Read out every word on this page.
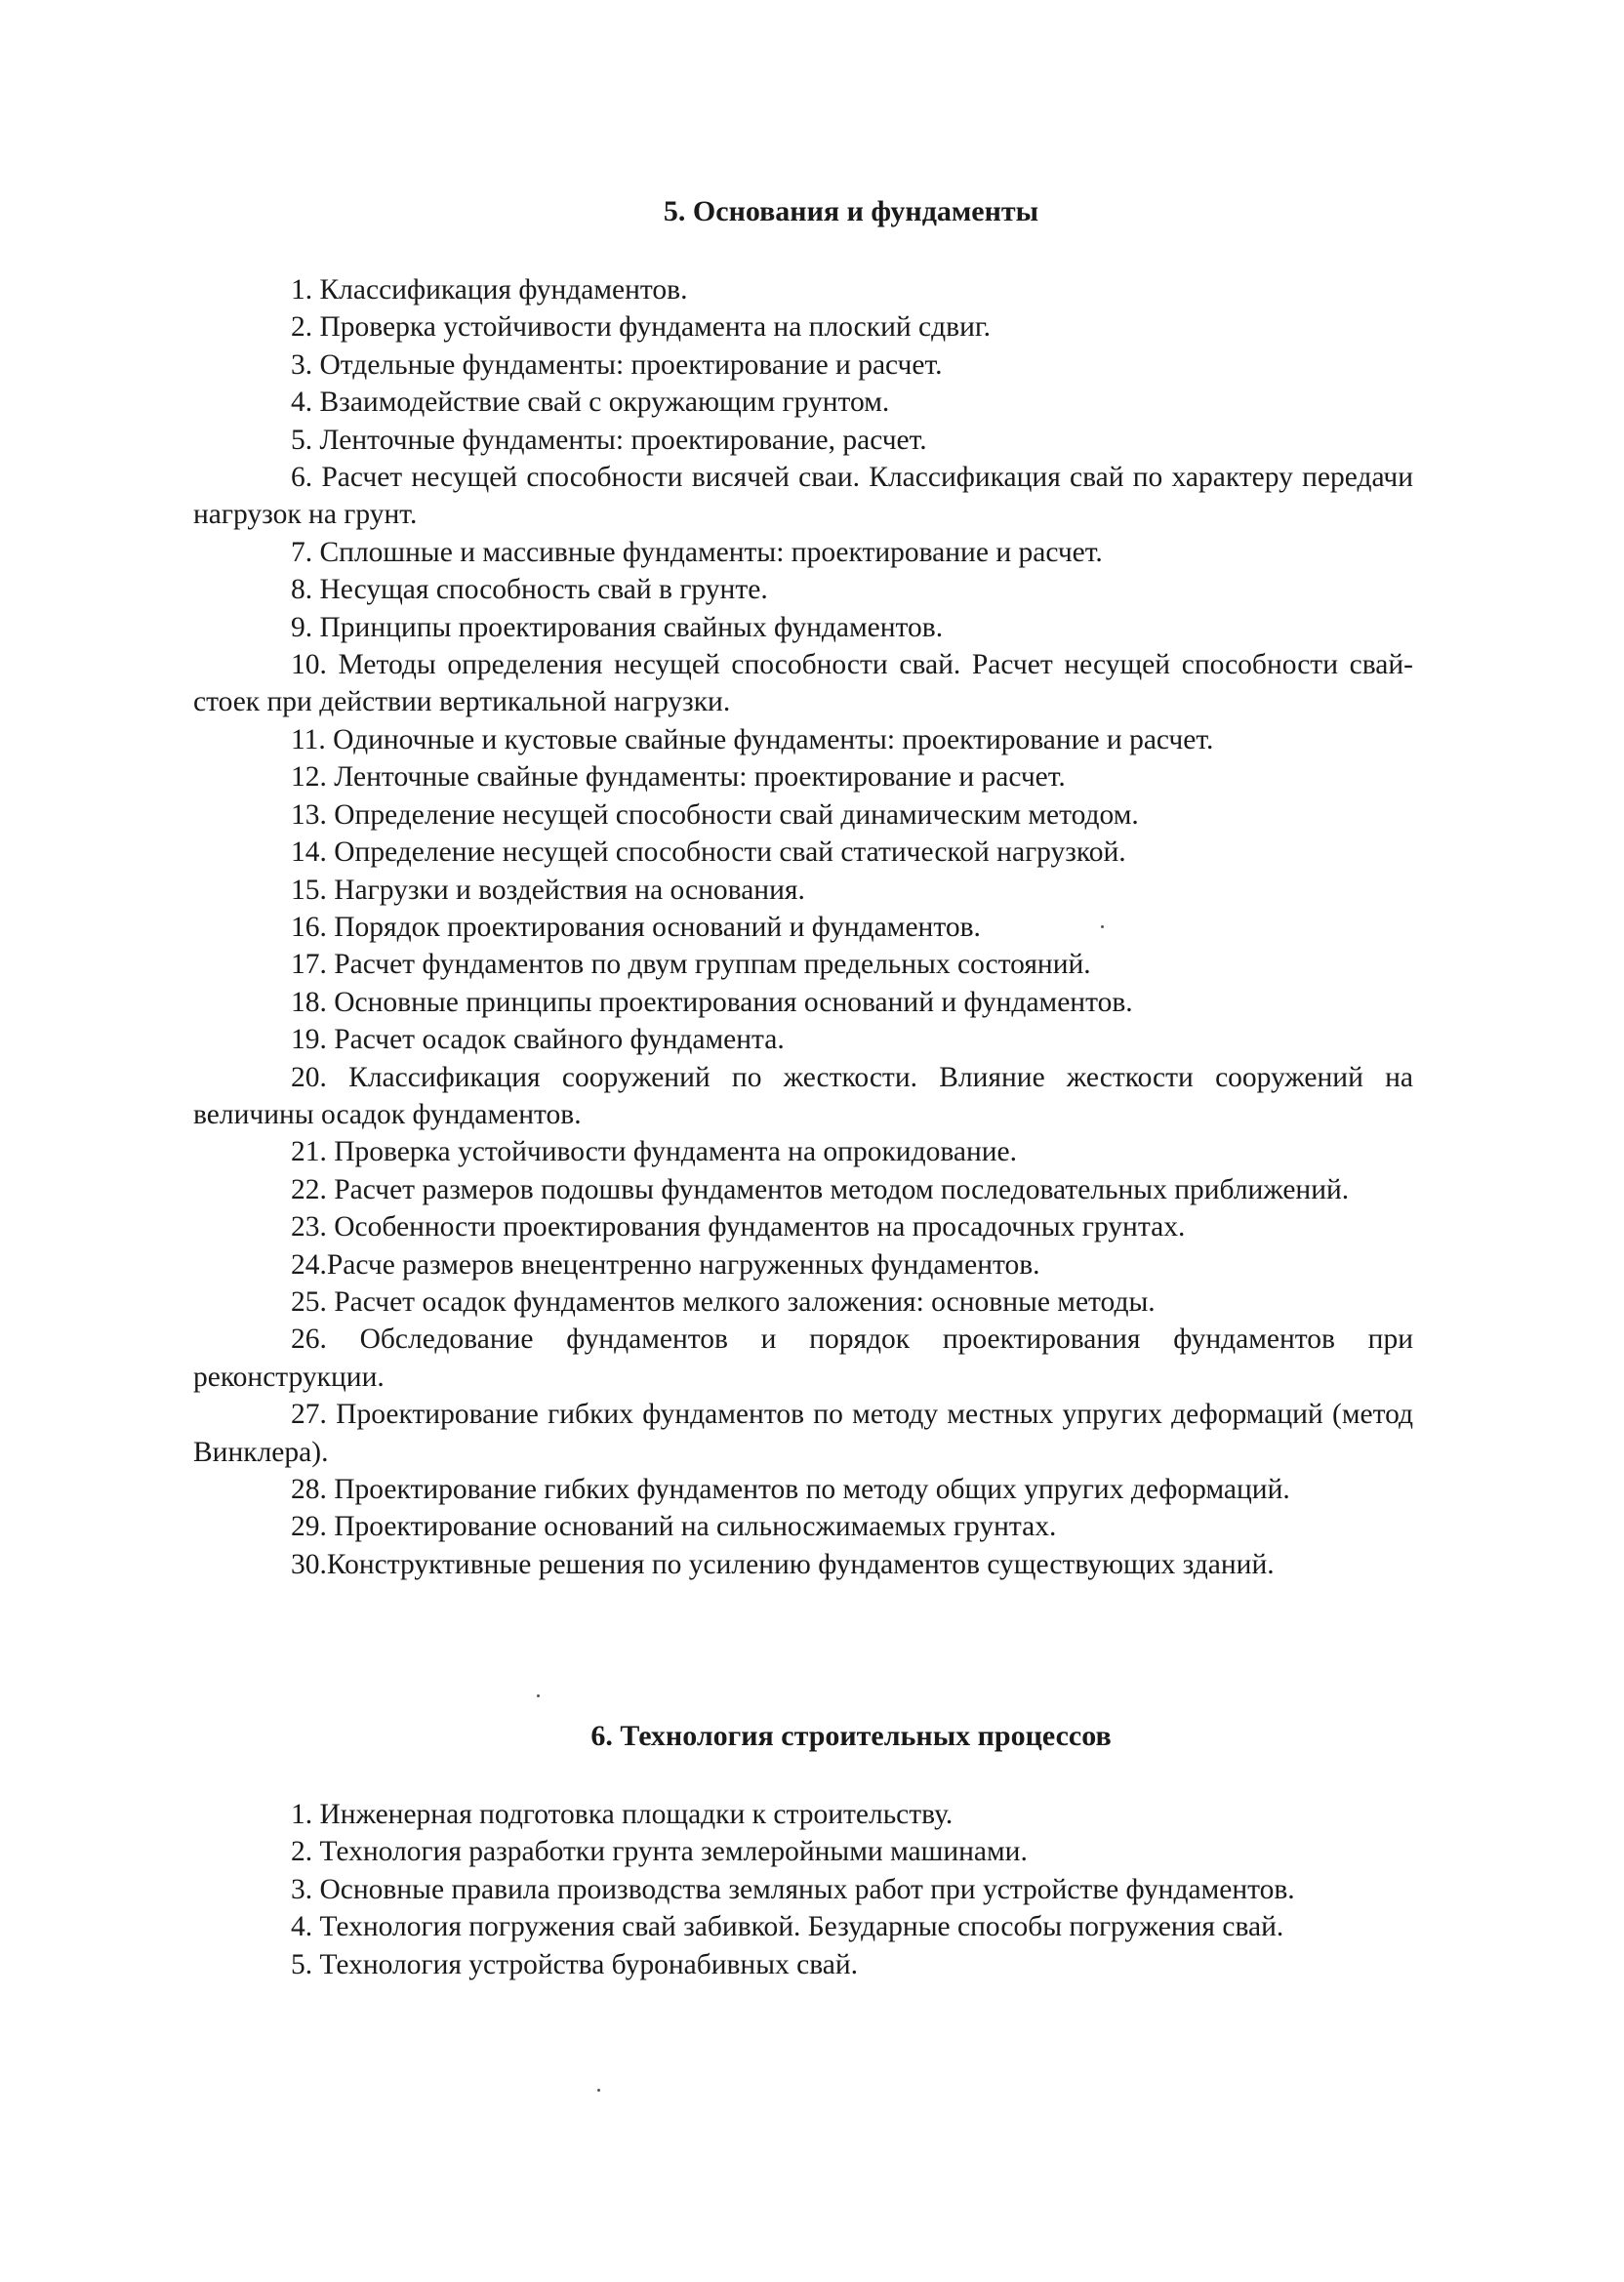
5. Основания и фундаменты
1. Классификация фундаментов.
2. Проверка устойчивости фундамента на плоский сдвиг.
3. Отдельные фундаменты: проектирование и расчет.
4. Взаимодействие свай с окружающим грунтом.
5. Ленточные фундаменты: проектирование, расчет.
6. Расчет несущей способности висячей сваи. Классификация свай по характеру передачи нагрузок на грунт.
7. Сплошные и массивные фундаменты: проектирование и расчет.
8. Несущая способность свай в грунте.
9. Принципы проектирования свайных фундаментов.
10. Методы определения несущей способности свай. Расчет несущей способности свай-стоек при действии вертикальной нагрузки.
11. Одиночные и кустовые свайные фундаменты: проектирование и расчет.
12. Ленточные свайные фундаменты: проектирование и расчет.
13. Определение несущей способности свай динамическим методом.
14. Определение несущей способности свай статической нагрузкой.
15. Нагрузки и воздействия на основания.
16. Порядок проектирования оснований и фундаментов.
17. Расчет фундаментов по двум группам предельных состояний.
18. Основные принципы проектирования оснований и фундаментов.
19. Расчет осадок свайного фундамента.
20. Классификация сооружений по жесткости. Влияние жесткости сооружений на величины осадок фундаментов.
21. Проверка устойчивости фундамента на опрокидование.
22. Расчет размеров подошвы фундаментов методом последовательных приближений.
23. Особенности проектирования фундаментов на просадочных грунтах.
24.Расче размеров внецентренно нагруженных фундаментов.
25. Расчет осадок фундаментов мелкого заложения: основные методы.
26. Обследование фундаментов и порядок проектирования фундаментов при реконструкции.
27. Проектирование гибких фундаментов по методу местных упругих деформаций (метод Винклера).
28. Проектирование гибких фундаментов по методу общих упругих деформаций.
29. Проектирование оснований на сильносжимаемых грунтах.
30.Конструктивные решения по усилению фундаментов существующих зданий.
6. Технология строительных процессов
1. Инженерная подготовка площадки к строительству.
2. Технология разработки грунта землеройными машинами.
3. Основные правила производства земляных работ при устройстве фундаментов.
4. Технология погружения свай забивкой. Безударные способы погружения свай.
5. Технология устройства буронабивных свай.
